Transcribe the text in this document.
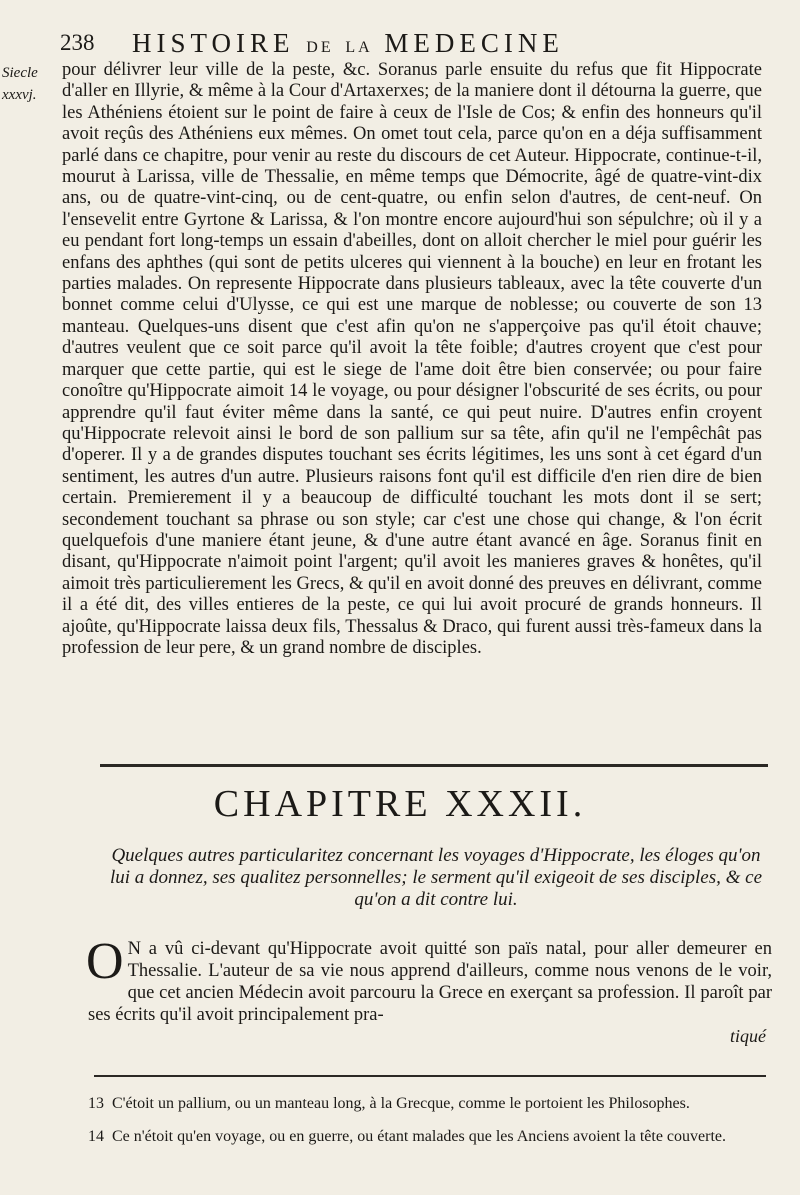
238 HISTOIRE DE LA MEDECINE
Siecle
xxxvj.

pour délivrer leur ville de la peste, &c. Soranus parle ensuite du refus que fit Hippocrate d'aller en Illyrie, & même à la Cour d'Artaxerxes; de la maniere dont il détourna la guerre, que les Athéniens étoient sur le point de faire à ceux de l'Isle de Cos; & enfin des honneurs qu'il avoit reçûs des Athéniens eux mêmes. On omet tout cela, parce qu'on en a déja suffisamment parlé dans ce chapitre, pour venir au reste du discours de cet Auteur. Hippocrate, continue-t-il, mourut à Larissa, ville de Thessalie, en même temps que Démocrite, âgé de quatre-vint-dix ans, ou de quatre-vint-cinq, ou de cent-quatre, ou enfin selon d'autres, de cent-neuf. On l'ensevelit entre Gyrtone & Larissa, & l'on montre encore aujourd'hui son sépulchre; où il y a eu pendant fort long-temps un essain d'abeilles, dont on alloit chercher le miel pour guérir les enfans des aphthes (qui sont de petits ulceres qui viennent à la bouche) en leur en frotant les parties malades. On represente Hippocrate dans plusieurs tableaux, avec la tête couverte d'un bonnet comme celui d'Ulysse, ce qui est une marque de noblesse; ou couverte de son 13 manteau. Quelques-uns disent que c'est afin qu'on ne s'apperçoive pas qu'il étoit chauve; d'autres veulent que ce soit parce qu'il avoit la tête foible; d'autres croyent que c'est pour marquer que cette partie, qui est le siege de l'ame doit être bien conservée; ou pour faire conoître qu'Hippocrate aimoit 14 le voyage, ou pour désigner l'obscurité de ses écrits, ou pour apprendre qu'il faut éviter même dans la santé, ce qui peut nuire. D'autres enfin croyent qu'Hippocrate relevoit ainsi le bord de son pallium sur sa tête, afin qu'il ne l'empêchât pas d'operer. Il y a de grandes disputes touchant ses écrits légitimes, les uns sont à cet égard d'un sentiment, les autres d'un autre. Plusieurs raisons font qu'il est difficile d'en rien dire de bien certain. Premierement il y a beaucoup de difficulté touchant les mots dont il se sert; secondement touchant sa phrase ou son style; car c'est une chose qui change, & l'on écrit quelquefois d'une maniere étant jeune, & d'une autre étant avancé en âge. Soranus finit en disant, qu'Hippocrate n'aimoit point l'argent; qu'il avoit les manieres graves & honêtes, qu'il aimoit très particulierement les Grecs, & qu'il en avoit donné des preuves en délivrant, comme il a été dit, des villes entieres de la peste, ce qui lui avoit procuré de grands honneurs. Il ajoûte, qu'Hippocrate laissa deux fils, Thessalus & Draco, qui furent aussi très-fameux dans la profession de leur pere, & un grand nombre de disciples.

CHAPITRE XXXII.
Quelques autres particularitez concernant les voyages d'Hippocrate, les éloges qu'on lui a donnez, ses qualitez personnelles; le serment qu'il exigeoit de ses disciples, & ce qu'on a dit contre lui.
O N a vû ci-devant qu'Hippocrate avoit quitté son païs natal, pour aller demeurer en Thessalie. L'auteur de sa vie nous apprend d'ailleurs, comme nous venons de le voir, que cet ancien Médecin avoit parcouru la Grece en exerçant sa profession. Il paroît par ses écrits qu'il avoit principalement pra-
tiqué
13 C'étoit un pallium, ou un manteau long, à la Grecque, comme le portoient les Philosophes.
14 Ce n'étoit qu'en voyage, ou en guerre, ou étant malades que les Anciens avoient la tête couverte.
